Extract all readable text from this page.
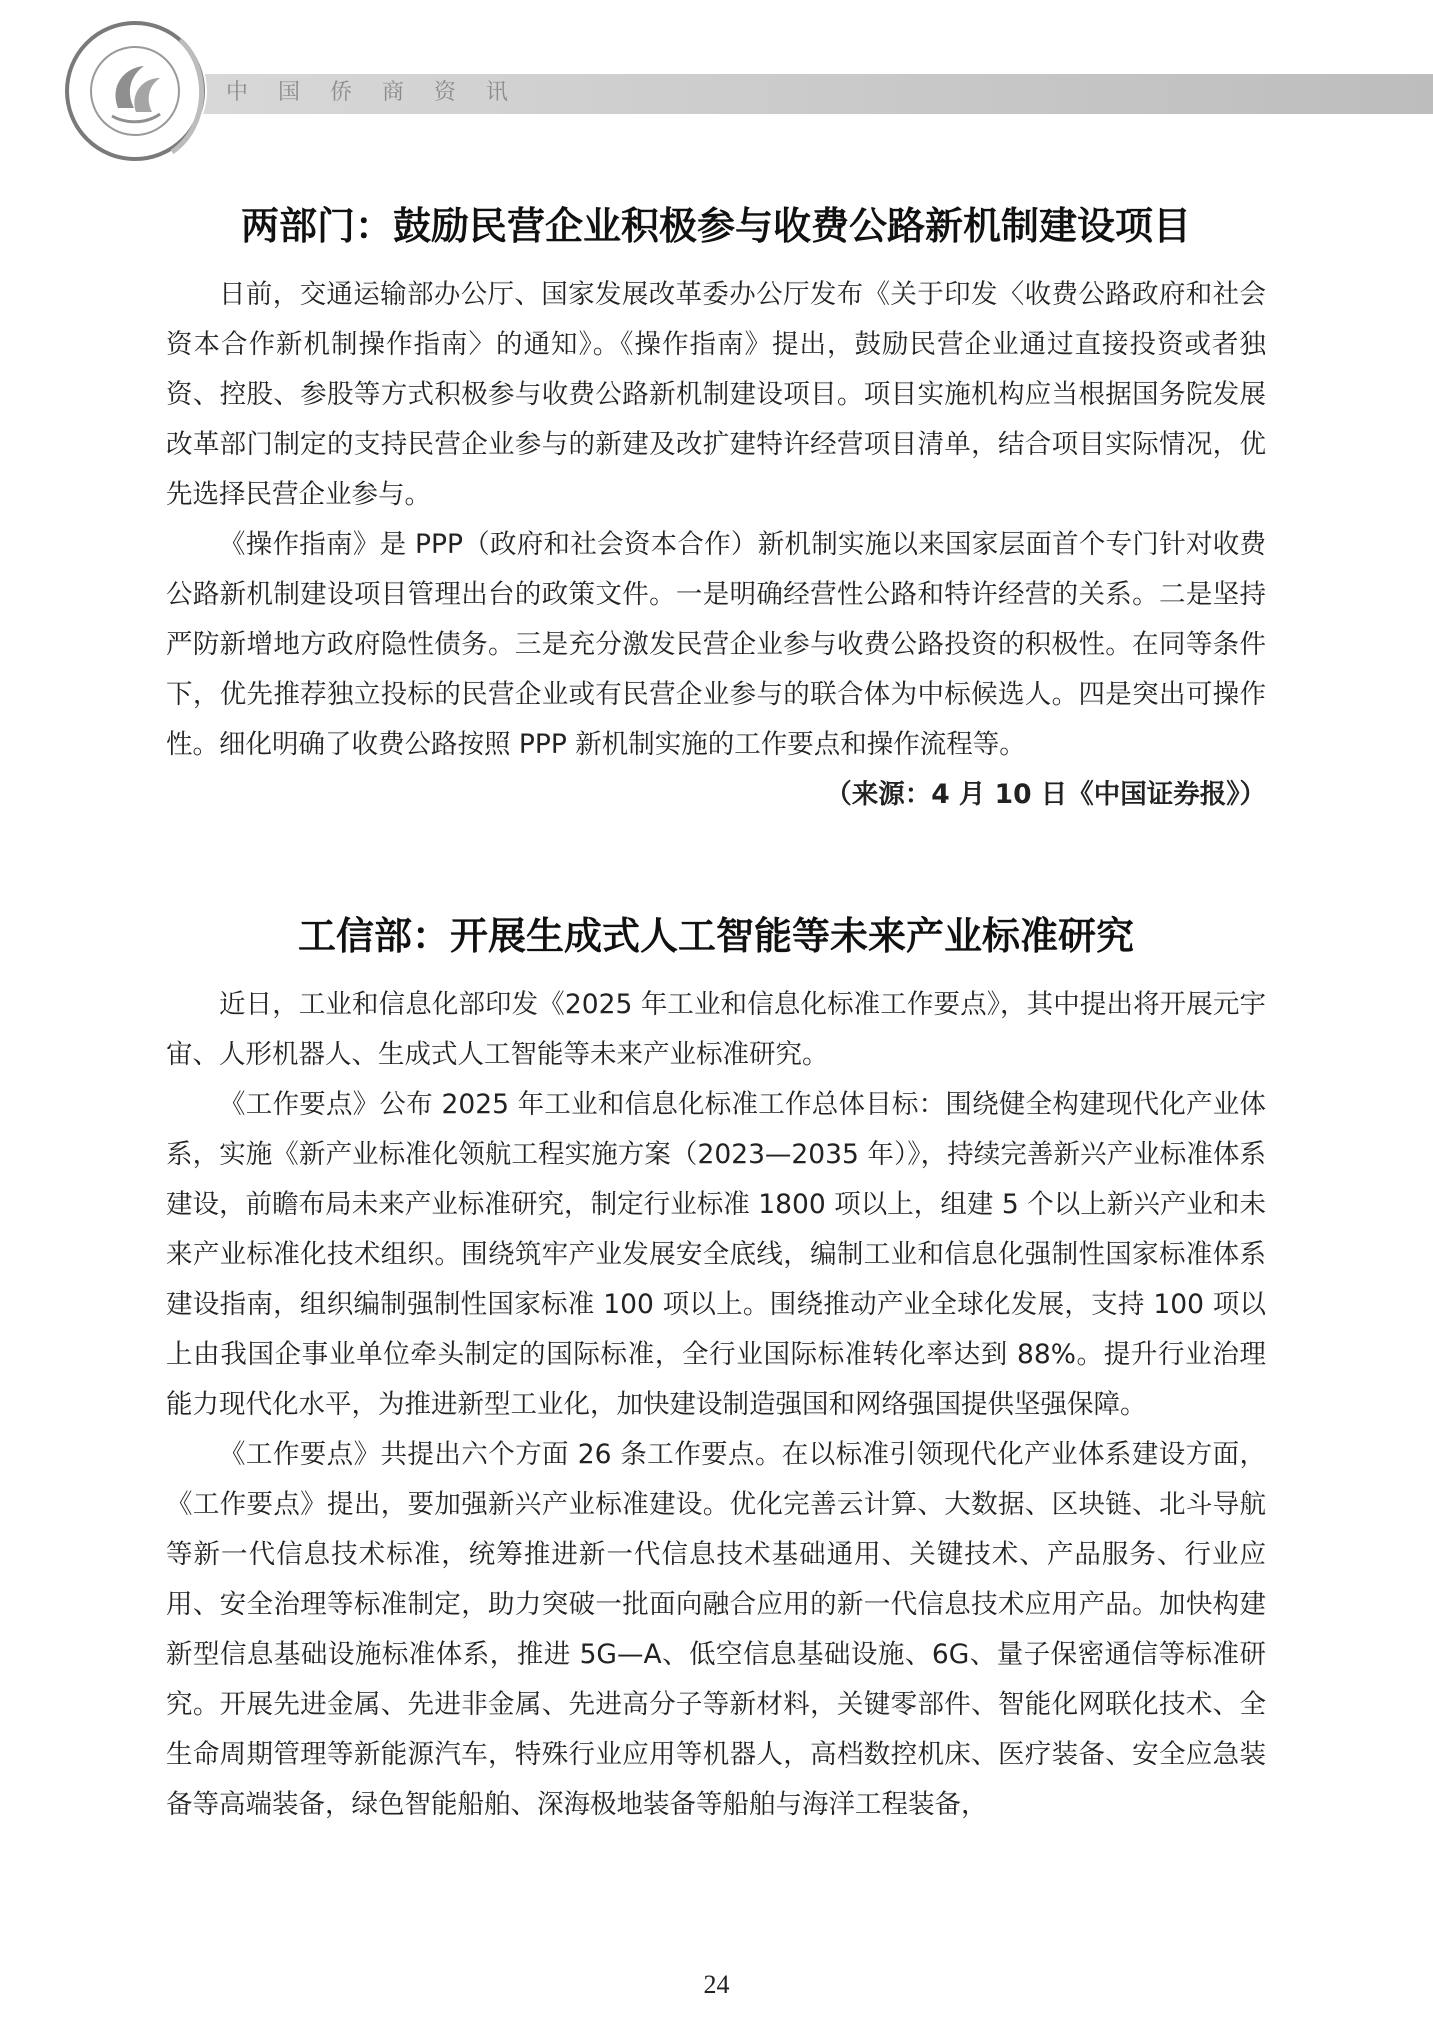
中国侨商资讯
两部门：鼓励民营企业积极参与收费公路新机制建设项目

日前，交通运输部办公厅、国家发展改革委办公厅发布《关于印发〈收费公路政府和社会资本合作新机制操作指南〉的通知》。《操作指南》提出，鼓励民营企业通过直接投资或者独资、控股、参股等方式积极参与收费公路新机制建设项目。项目实施机构应当根据国务院发展改革部门制定的支持民营企业参与的新建及改扩建特许经营项目清单，结合项目实际情况，优先选择民营企业参与。

《操作指南》是 PPP（政府和社会资本合作）新机制实施以来国家层面首个专门针对收费公路新机制建设项目管理出台的政策文件。一是明确经营性公路和特许经营的关系。二是坚持严防新增地方政府隐性债务。三是充分激发民营企业参与收费公路投资的积极性。在同等条件下，优先推荐独立投标的民营企业或有民营企业参与的联合体为中标候选人。四是突出可操作性。细化明确了收费公路按照 PPP 新机制实施的工作要点和操作流程等。

（来源：4 月 10 日《中国证券报》）

工信部：开展生成式人工智能等未来产业标准研究

近日，工业和信息化部印发《2025 年工业和信息化标准工作要点》，其中提出将开展元宇宙、人形机器人、生成式人工智能等未来产业标准研究。

《工作要点》公布 2025 年工业和信息化标准工作总体目标：围绕健全构建现代化产业体系，实施《新产业标准化领航工程实施方案（2023—2035 年）》，持续完善新兴产业标准体系建设，前瞻布局未来产业标准研究，制定行业标准 1800 项以上，组建 5 个以上新兴产业和未来产业标准化技术组织。围绕筑牢产业发展安全底线，编制工业和信息化强制性国家标准体系建设指南，组织编制强制性国家标准 100 项以上。围绕推动产业全球化发展，支持 100 项以上由我国企事业单位牵头制定的国际标准，全行业国际标准转化率达到 88%。提升行业治理能力现代化水平，为推进新型工业化，加快建设制造强国和网络强国提供坚强保障。

《工作要点》共提出六个方面 26 条工作要点。在以标准引领现代化产业体系建设方面，《工作要点》提出，要加强新兴产业标准建设。优化完善云计算、大数据、区块链、北斗导航等新一代信息技术标准，统筹推进新一代信息技术基础通用、关键技术、产品服务、行业应用、安全治理等标准制定，助力突破一批面向融合应用的新一代信息技术应用产品。加快构建新型信息基础设施标准体系，推进 5G—A、低空信息基础设施、6G、量子保密通信等标准研究。开展先进金属、先进非金属、先进高分子等新材料，关键零部件、智能化网联化技术、全生命周期管理等新能源汽车，特殊行业应用等机器人，高档数控机床、医疗装备、安全应急装备等高端装备，绿色智能船舶、深海极地装备等船舶与海洋工程装备，

24
